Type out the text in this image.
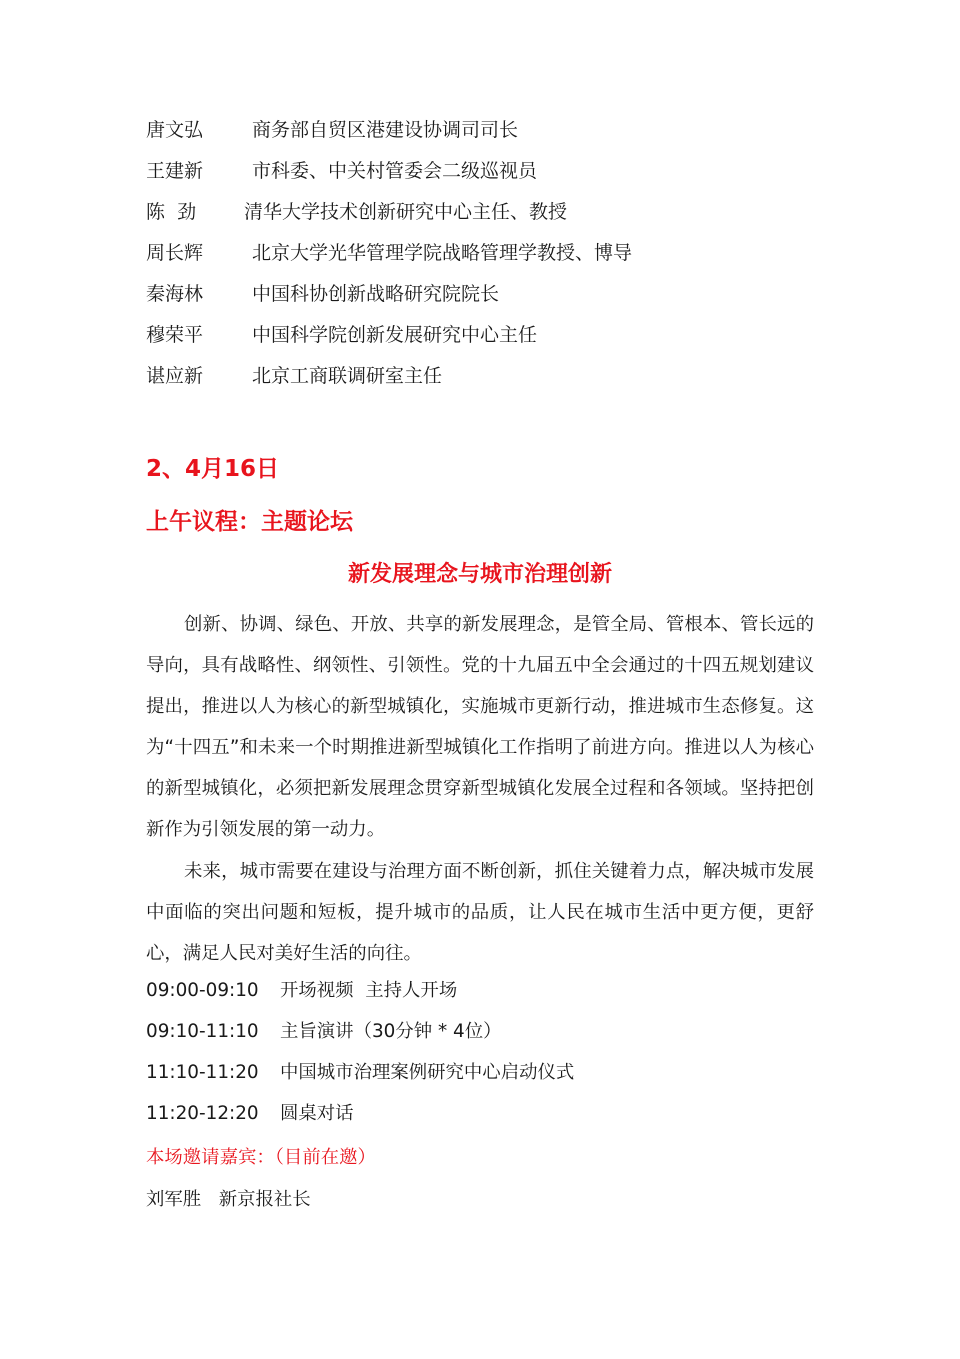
唐文弘	商务部自贸区港建设协调司司长
王建新	市科委、中关村管委会二级巡视员
陈  劲	清华大学技术创新研究中心主任、教授
周长辉	北京大学光华管理学院战略管理学教授、博导
秦海林	中国科协创新战略研究院院长
穆荣平	中国科学院创新发展研究中心主任
谌应新	北京工商联调研室主任
2、4月16日
上午议程：主题论坛
新发展理念与城市治理创新

创新、协调、绿色、开放、共享的新发展理念，是管全局、管根本、管长远的导向，具有战略性、纲领性、引领性。党的十九届五中全会通过的十四五规划建议提出，推进以人为核心的新型城镇化，实施城市更新行动，推进城市生态修复。这为“十四五”和未来一个时期推进新型城镇化工作指明了前进方向。推进以人为核心的新型城镇化，必须把新发展理念贯穿新型城镇化发展全过程和各领域。坚持把创新作为引领发展的第一动力。

未来，城市需要在建设与治理方面不断创新，抓住关键着力点，解决城市发展中面临的突出问题和短板，提升城市的品质，让人民在城市生活中更方便，更舒心，满足人民对美好生活的向往。

09:00-09:10 开场视频  主持人开场
09:10-11:10 主旨演讲（30分钟 * 4位）
11:10-11:20 中国城市治理案例研究中心启动仪式
11:20-12:20 圆桌对话
本场邀请嘉宾：（目前在邀）
刘军胜   新京报社长
